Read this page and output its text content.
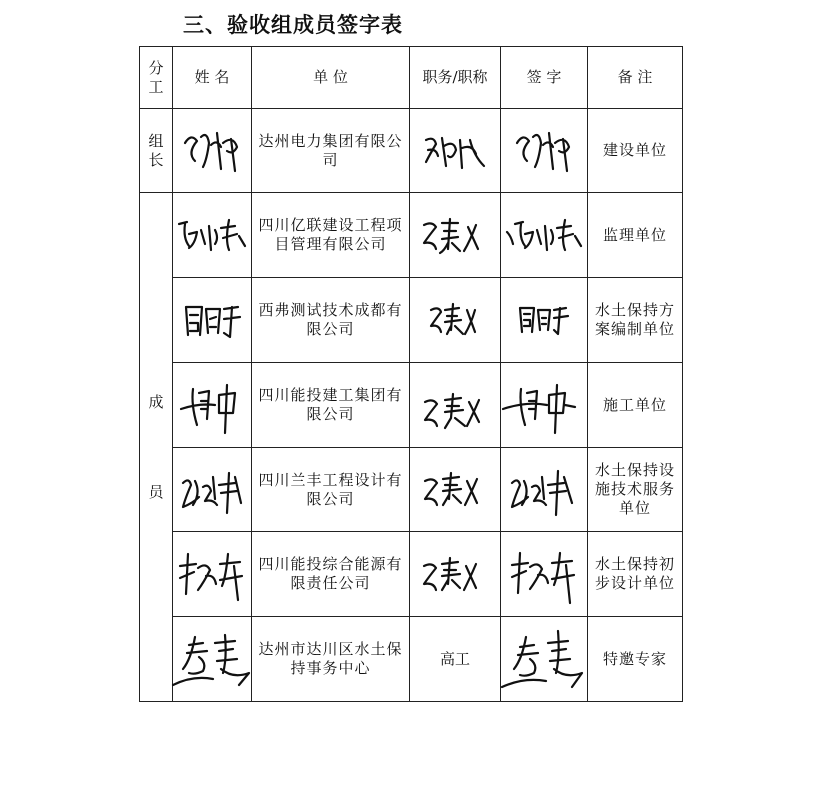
三、验收组成员签字表
分工	姓 名	单 位	职务/职称	签 字	备 注
组长		达州电力集团有限公司			建设单位
成员		四川亿联建设工程项目管理有限公司			监理单位

	西弗测试技术成都有限公司			水土保持方案编制单位

	四川能投建工集团有限公司			施工单位

	四川兰丰工程设计有限公司			水土保持设施技术服务单位

	四川能投综合能源有限责任公司			水土保持初步设计单位

	达州市达川区水土保持事务中心	高工		特邀专家
